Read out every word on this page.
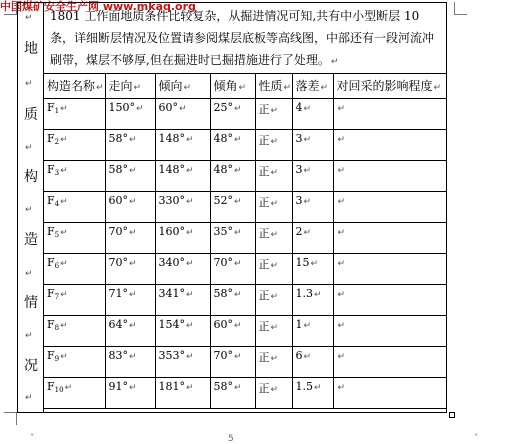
中国煤矿安全生产网 www.mkaq.org
↵
地
↵
质
↵
构
↵
造
↵
情
↵
况
↵
1801 工作面地质条件比较复杂，从掘进情况可知,共有中小型断层 10条，详细断层情况及位置请参阅煤层底板等高线图，中部还有一段河流冲刷带，煤层不够厚,但在掘进时已掘措施进行了处理。↵
构造名称↵	走向↵	倾向↵	倾角↵	性质↵	落差↵	对回采的影响程度↵
$F_1↵$	150°↵	60°↵	25°↵	正↵	4↵	↵
$F_2↵$	58°↵	148°↵	48°↵	正↵	3↵	↵
$F_3↵$	58°↵	148°↵	48°↵	正↵	3↵	↵
$F_4↵$	60°↵	330°↵	52°↵	正↵	3↵	↵
$F_5↵$	70°↵	160°↵	35°↵	正↵	2↵	↵
$F_6↵$	70°↵	340°↵	70°↵	正↵	15↵	↵
$F_7↵$	71°↵	341°↵	58°↵	正↵	1.3↵	↵
$F_8↵$	64°↵	154°↵	60°↵	正↵	1↵	↵
$F_9↵$	83°↵	353°↵	70°↵	正↵	6↵	↵
$F_{10}↵$	91°↵	181°↵	58°↵	正↵	1.5↵	↵
ˇ	ˇ
5
